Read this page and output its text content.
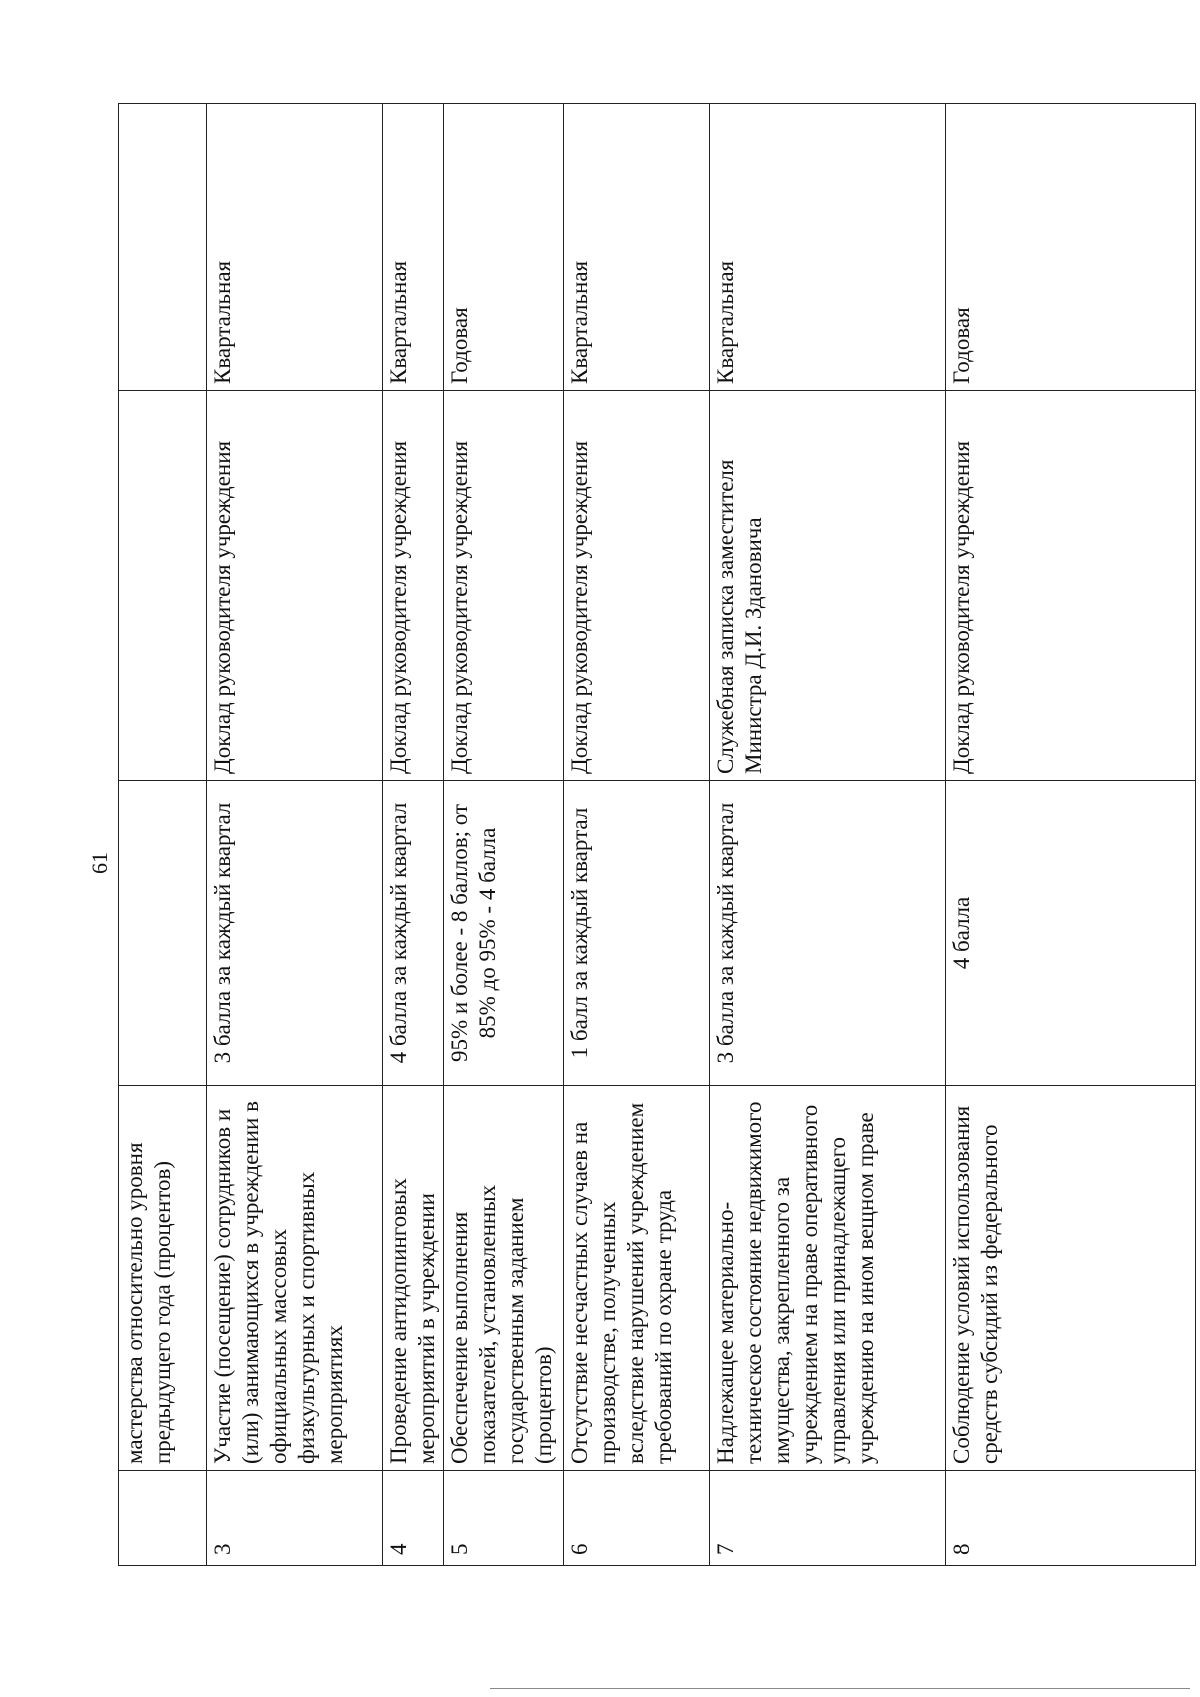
61
	мастерства относительно уровня предыдущего года (процентов)			
3	Участие (посещение) сотрудников и (или) занимающихся в учреждении в официальных массовых физкультурных и спортивных мероприятиях	3 балла за каждый квартал	Доклад руководителя учреждения	Квартальная
4	Проведение антидопинговых мероприятий в учреждении	4 балла за каждый квартал	Доклад руководителя учреждения	Квартальная
5	Обеспечение выполнения показателей, установленных государственным заданием (процентов)	95% и более - 8 баллов; от 85% до 95% - 4 балла	Доклад руководителя учреждения	Годовая
6	Отсутствие несчастных случаев на производстве, полученных вследствие нарушений учреждением требований по охране труда	1 балл за каждый квартал	Доклад руководителя учреждения	Квартальная
7	Надлежащее материально-техническое состояние недвижимого имущества, закрепленного за учреждением на праве оперативного управления или принадлежащего учреждению на ином вещном праве	3 балла за каждый квартал	Служебная записка заместителя Министра Д.И. Здановича	Квартальная
8	Соблюдение условий использования средств субсидий из федерального	4 балла	Доклад руководителя учреждения	Годовая
